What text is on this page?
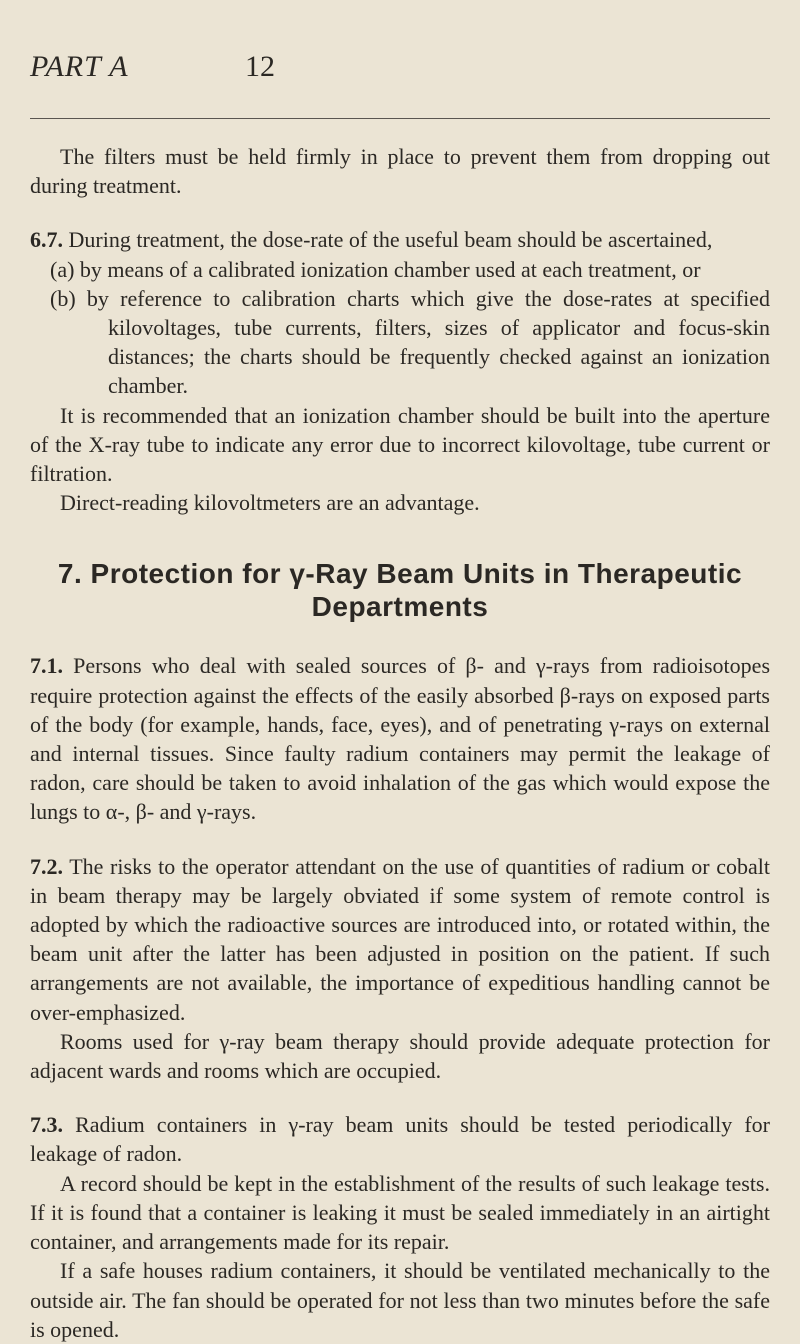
PART A	12

The filters must be held firmly in place to prevent them from dropping out during treatment.

6.7. During treatment, the dose-rate of the useful beam should be ascertained,

(a) by means of a calibrated ionization chamber used at each treatment, or

(b) by reference to calibration charts which give the dose-rates at specified kilovoltages, tube currents, filters, sizes of applicator and focus-skin distances; the charts should be frequently checked against an ionization chamber.

It is recommended that an ionization chamber should be built into the aperture of the X-ray tube to indicate any error due to incorrect kilovoltage, tube current or filtration.

Direct-reading kilovoltmeters are an advantage.

7. Protection for γ-Ray Beam Units in Therapeutic Departments

7.1. Persons who deal with sealed sources of β- and γ-rays from radioisotopes require protection against the effects of the easily absorbed β-rays on exposed parts of the body (for example, hands, face, eyes), and of penetrating γ-rays on external and internal tissues. Since faulty radium containers may permit the leakage of radon, care should be taken to avoid inhalation of the gas which would expose the lungs to α-, β- and γ-rays.

7.2. The risks to the operator attendant on the use of quantities of radium or cobalt in beam therapy may be largely obviated if some system of remote control is adopted by which the radioactive sources are introduced into, or rotated within, the beam unit after the latter has been adjusted in position on the patient. If such arrangements are not available, the importance of expeditious handling cannot be over-emphasized.

Rooms used for γ-ray beam therapy should provide adequate protection for adjacent wards and rooms which are occupied.

7.3. Radium containers in γ-ray beam units should be tested periodically for leakage of radon.

A record should be kept in the establishment of the results of such leakage tests. If it is found that a container is leaking it must be sealed immediately in an airtight container, and arrangements made for its repair.

If a safe houses radium containers, it should be ventilated mechanically to the outside air. The fan should be operated for not less than two minutes before the safe is opened.
